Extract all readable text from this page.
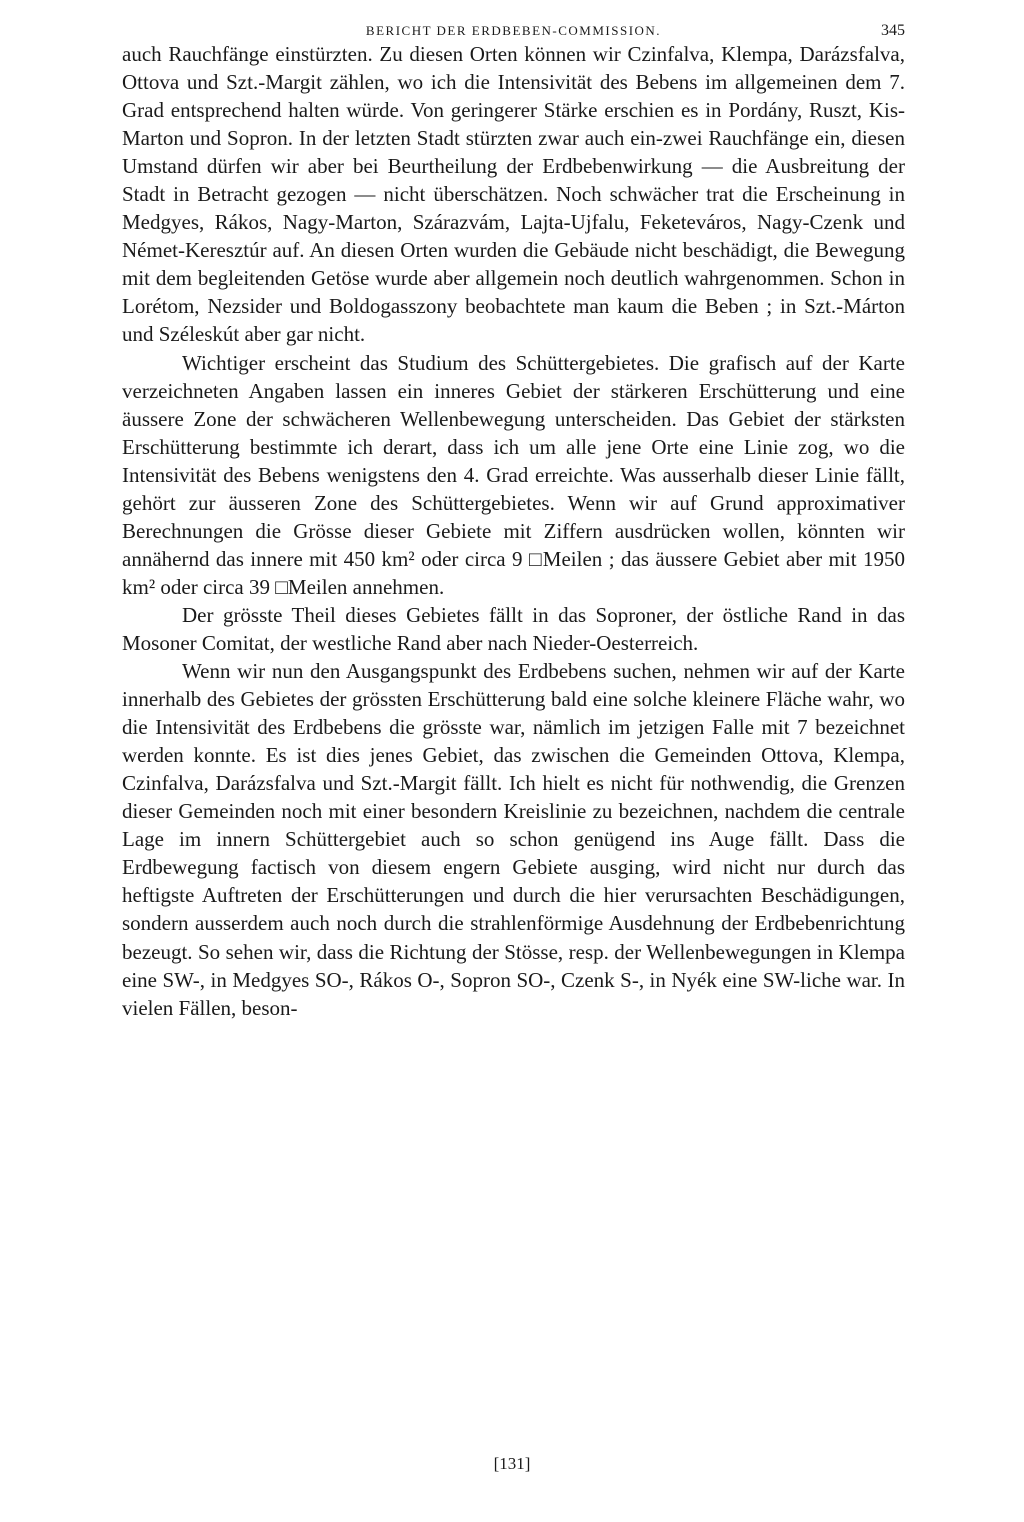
BERICHT DER ERDBEBEN-COMMISSION.	345

auch Rauchfänge einstürzten. Zu diesen Orten können wir Czinfalva, Klempa, Darázsfalva, Ottova und Szt.-Margit zählen, wo ich die Intensivität des Bebens im allgemeinen dem 7. Grad entsprechend halten würde. Von geringerer Stärke erschien es in Pordány, Ruszt, Kis-Marton und Sopron. In der letzten Stadt stürzten zwar auch ein-zwei Rauchfänge ein, diesen Umstand dürfen wir aber bei Beurtheilung der Erdbebenwirkung — die Ausbreitung der Stadt in Betracht gezogen — nicht überschätzen. Noch schwächer trat die Erscheinung in Medgyes, Rákos, Nagy-Marton, Szárazvám, Lajta-Ujfalu, Feketeváros, Nagy-Czenk und Német-Keresztúr auf. An diesen Orten wurden die Gebäude nicht beschädigt, die Bewegung mit dem begleitenden Getöse wurde aber allgemein noch deutlich wahrgenommen. Schon in Lorétom, Nezsider und Boldogasszony beobachtete man kaum die Beben ; in Szt.-Márton und Széleskút aber gar nicht.

Wichtiger erscheint das Studium des Schüttergebietes. Die grafisch auf der Karte verzeichneten Angaben lassen ein inneres Gebiet der stärkeren Erschütterung und eine äussere Zone der schwächeren Wellenbewegung unterscheiden. Das Gebiet der stärksten Erschütterung bestimmte ich derart, dass ich um alle jene Orte eine Linie zog, wo die Intensivität des Bebens wenigstens den 4. Grad erreichte. Was ausserhalb dieser Linie fällt, gehört zur äusseren Zone des Schüttergebietes. Wenn wir auf Grund approximativer Berechnungen die Grösse dieser Gebiete mit Ziffern ausdrücken wollen, könnten wir annähernd das innere mit 450 km² oder circa 9 □Meilen ; das äussere Gebiet aber mit 1950 km² oder circa 39 □Meilen annehmen.

Der grösste Theil dieses Gebietes fällt in das Soproner, der östliche Rand in das Mosoner Comitat, der westliche Rand aber nach Nieder-Oesterreich.

Wenn wir nun den Ausgangspunkt des Erdbebens suchen, nehmen wir auf der Karte innerhalb des Gebietes der grössten Erschütterung bald eine solche kleinere Fläche wahr, wo die Intensivität des Erdbebens die grösste war, nämlich im jetzigen Falle mit 7 bezeichnet werden konnte. Es ist dies jenes Gebiet, das zwischen die Gemeinden Ottova, Klempa, Czinfalva, Darázsfalva und Szt.-Margit fällt. Ich hielt es nicht für nothwendig, die Grenzen dieser Gemeinden noch mit einer besondern Kreislinie zu bezeichnen, nachdem die centrale Lage im innern Schüttergebiet auch so schon genügend ins Auge fällt. Dass die Erdbewegung factisch von diesem engern Gebiete ausging, wird nicht nur durch das heftigste Auftreten der Erschütterungen und durch die hier verursachten Beschädigungen, sondern ausserdem auch noch durch die strahlenförmige Ausdehnung der Erdbebenrichtung bezeugt. So sehen wir, dass die Richtung der Stösse, resp. der Wellenbewegungen in Klempa eine SW-, in Medgyes SO-, Rákos O-, Sopron SO-, Czenk S-, in Nyék eine SW-liche war. In vielen Fällen, beson-

[131]
